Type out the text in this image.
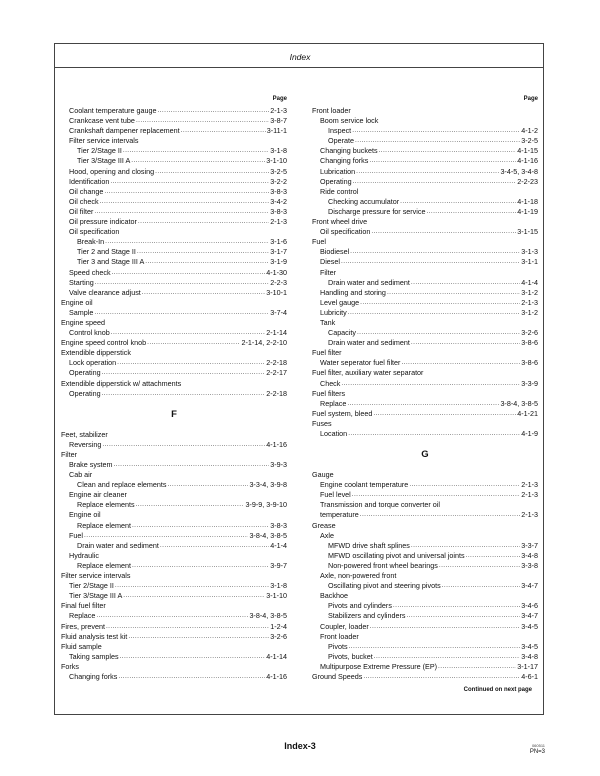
Index
Page
Coolant temperature gauge .....	2-1-3
Crankcase vent tube .....	3-8-7
Crankshaft dampener replacement .....	3-11-1
Filter service intervals
Tier 2/Stage II .....	3-1-8
Tier 3/Stage III A .....	3-1-10
Hood, opening and closing .....	3-2-5
Identification .....	3-2-2
Oil change .....	3-8-3
Oil check .....	3-4-2
Oil filter .....	3-8-3
Oil pressure indicator .....	2-1-3
Oil specification
Break-In .....	3-1-6
Tier 2 and Stage II .....	3-1-7
Tier 3 and Stage III A .....	3-1-9
Speed check .....	4-1-30
Starting .....	2-2-3
Valve clearance adjust .....	3-10-1
Engine oil
Sample .....	3-7-4
Engine speed
Control knob .....	2-1-14
Engine speed control knob .....	2-1-14, 2-2-10
Extendible dipperstick
Lock operation .....	2-2-18
Operating .....	2-2-17
Extendible dipperstick w/ attachments
Operating .....	2-2-18
F
Feet, stabilizer
Reversing .....	4-1-16
Filter
Brake system .....	3-9-3
Cab air
Clean and replace elements .....	3-3-4, 3-9-8
Engine air cleaner
Replace elements .....	3-9-9, 3-9-10
Engine oil
Replace element .....	3-8-3
Fuel .....	3-8-4, 3-8-5
Drain water and sediment .....	4-1-4
Hydraulic
Replace element .....	3-9-7
Filter service intervals
Tier 2/Stage II .....	3-1-8
Tier 3/Stage III A .....	3-1-10
Final fuel filter
Replace .....	3-8-4, 3-8-5
Fires, prevent .....	1-2-4
Fluid analysis test kit .....	3-2-6
Fluid sample
Taking samples .....	4-1-14
Forks
Changing forks .....	4-1-16
Page
Front loader
Boom service lock
Inspect .....	4-1-2
Operate .....	3-2-5
Changing buckets .....	4-1-15
Changing forks .....	4-1-16
Lubrication .....	3-4-5, 3-4-8
Operating .....	2-2-23
Ride control
Checking accumulator .....	4-1-18
Discharge pressure for service .....	4-1-19
Front wheel drive
Oil specification .....	3-1-15
Fuel
Biodiesel .....	3-1-3
Diesel .....	3-1-1
Filter
Drain water and sediment .....	4-1-4
Handling and storing .....	3-1-2
Level gauge .....	2-1-3
Lubricity .....	3-1-2
Tank
Capacity .....	3-2-6
Drain water and sediment .....	3-8-6
Fuel filter
Water seperator fuel filter .....	3-8-6
Fuel filter, auxiliary water separator
Check .....	3-3-9
Fuel filters
Replace .....	3-8-4, 3-8-5
Fuel system, bleed .....	4-1-21
Fuses
Location .....	4-1-9
G
Gauge
Engine coolant temperature .....	2-1-3
Fuel level .....	2-1-3
Transmission and torque converter oil
temperature .....	2-1-3
Grease
Axle
MFWD drive shaft splines .....	3-3-7
MFWD oscillating pivot and universal joints .....	3-4-8
Non-powered front wheel bearings .....	3-3-8
Axle, non-powered front
Oscillating pivot and steering pivots .....	3-4-7
Backhoe
Pivots and cylinders .....	3-4-6
Stabilizers and cylinders .....	3-4-7
Coupler, loader .....	3-4-5
Front loader
Pivots .....	3-4-5
Pivots, bucket .....	3-4-8
Multipurpose Extreme Pressure (EP) .....	3-1-17
Ground Speeds .....	4-6-1
Continued on next page
Index-3	060511
PN=3
